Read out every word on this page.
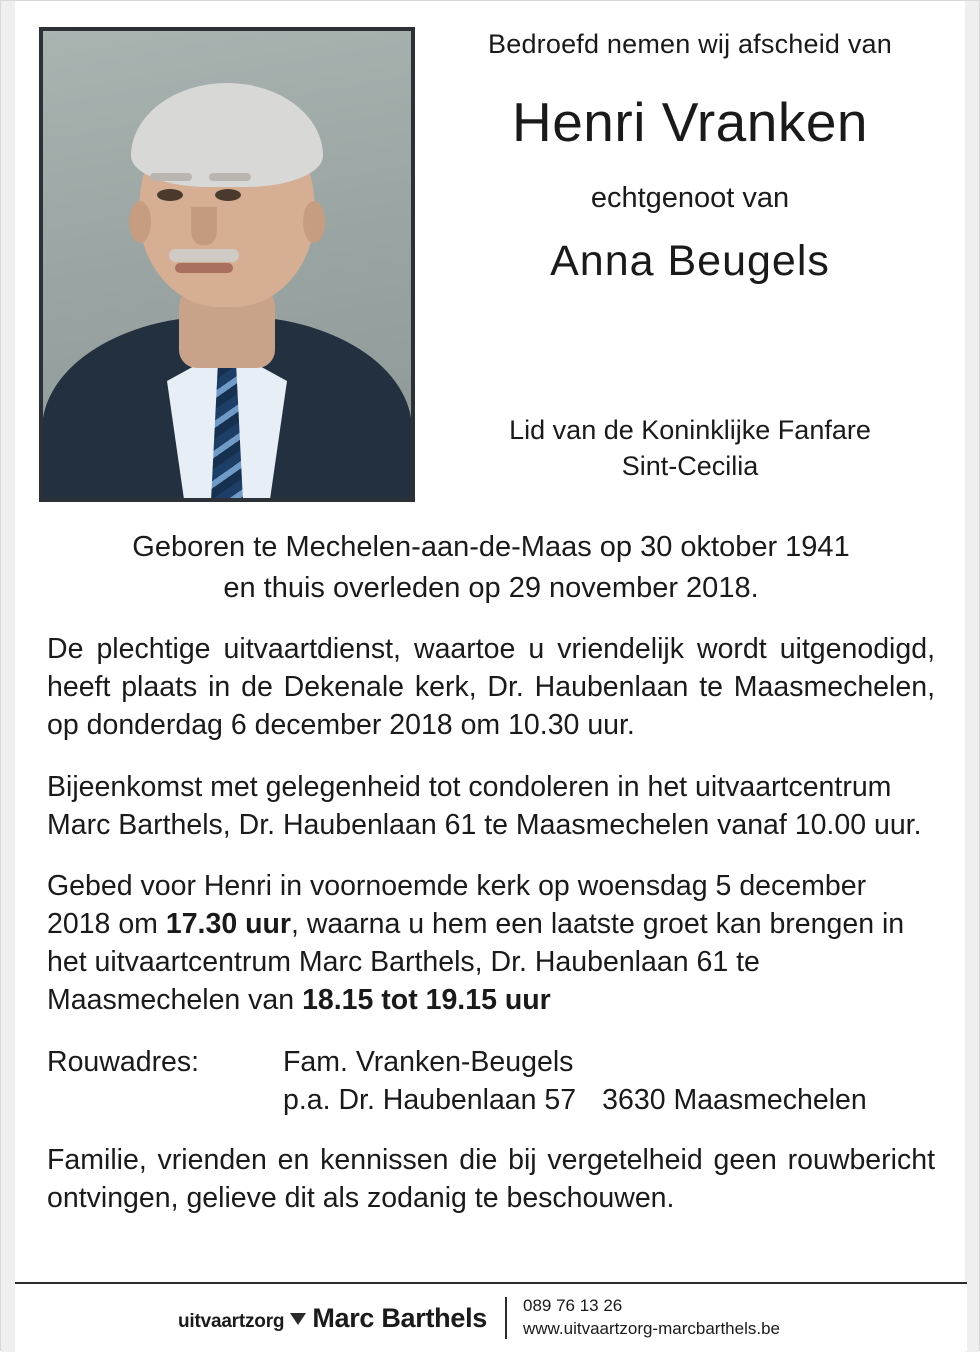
Bedroefd nemen wij afscheid van
Henri Vranken
echtgenoot van
Anna Beugels
Lid van de Koninklijke Fanfare
Sint-Cecilia
Geboren te Mechelen-aan-de-Maas op 30 oktober 1941
en thuis overleden op 29 november 2018.

De plechtige uitvaartdienst, waartoe u vriendelijk wordt uitgenodigd, heeft plaats in de Dekenale kerk, Dr. Haubenlaan te Maasmechelen, op donderdag 6 december 2018 om 10.30 uur.

Bijeenkomst met gelegenheid tot condoleren in het uitvaartcentrum Marc Barthels, Dr. Haubenlaan 61 te Maasmechelen vanaf 10.00 uur.

Gebed voor Henri in voornoemde kerk op woensdag 5 december 2018 om 17.30 uur, waarna u hem een laatste groet kan brengen in het uitvaartcentrum Marc Barthels, Dr. Haubenlaan 61 te Maasmechelen van 18.15 tot 19.15 uur

Rouwadres:	Fam. Vranken-Beugels
p.a. Dr. Haubenlaan 57 3630 Maasmechelen

Familie, vrienden en kennissen die bij vergetelheid geen rouwbericht ontvingen, gelieve dit als zodanig te beschouwen.

uitvaartzorg Marc Barthels 089 76 13 26
www.uitvaartzorg-marcbarthels.be
